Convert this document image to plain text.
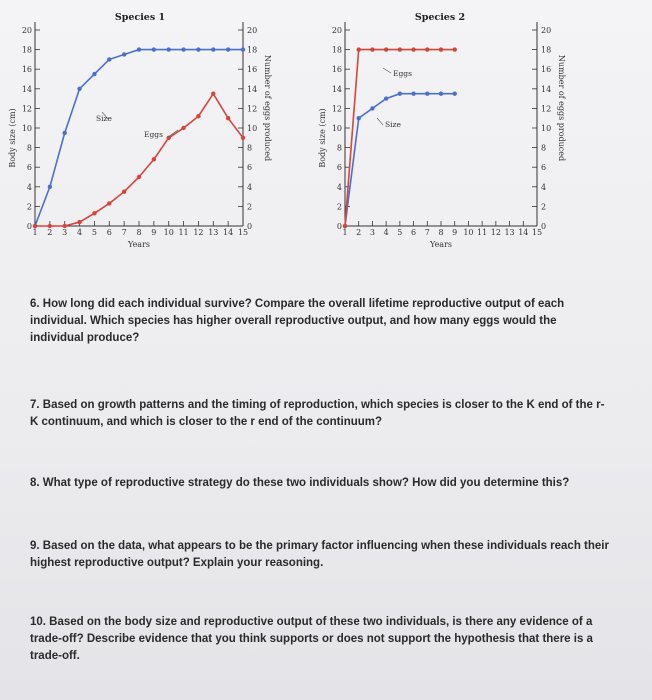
Species 1
0	0
2	2
4	4
6	6
8	8
10	10
12	12
14	14
16	16
18	18
20	20
1 2 3 4 5 6 7 8 9 10 11 12 13 14 15
Years
Body size (cm)	Number of eggs produced
Size
Eggs
Species 2
0	0
2	2
4	4
6	6
8	8
10	10
12	12
14	14
16	16
18	18
20	20
1 2 3 4 5 6 7 8 9 10 11 12 13 14 15
Years
Body size (cm)	Number of eggs produced
Eggs
Size
6. How long did each individual survive? Compare the overall lifetime reproductive output of each individual. Which species has higher overall reproductive output, and how many eggs would the individual produce?
7. Based on growth patterns and the timing of reproduction, which species is closer to the K end of the r-K continuum, and which is closer to the r end of the continuum?
8. What type of reproductive strategy do these two individuals show? How did you determine this?
9. Based on the data, what appears to be the primary factor influencing when these individuals reach their highest reproductive output? Explain your reasoning.
10. Based on the body size and reproductive output of these two individuals, is there any evidence of a trade-off? Describe evidence that you think supports or does not support the hypothesis that there is a trade-off.
